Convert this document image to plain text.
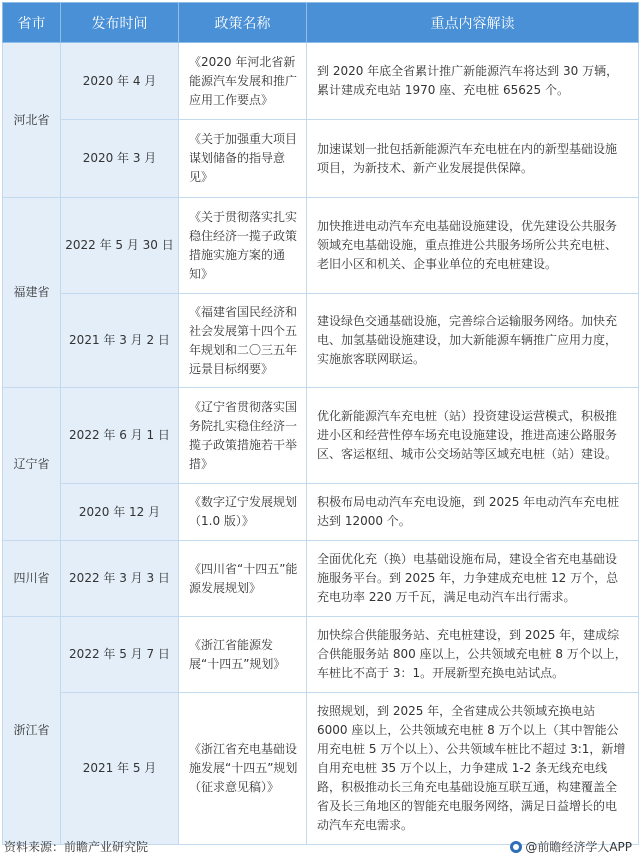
省市	发布时间	政策名称	重点内容解读
河北省	2020 年 4 月	《2020 年河北省新能源汽车发展和推广应用工作要点》	到 2020 年底全省累计推广新能源汽车将达到 30 万辆，累计建成充电站 1970 座、充电桩 65625 个。
	2020 年 3 月	《关于加强重大项目谋划储备的指导意见》	加速谋划一批包括新能源汽车充电桩在内的新型基础设施项目，为新技术、新产业发展提供保障。
福建省	2022 年 5 月 30 日	《关于贯彻落实扎实稳住经济一揽子政策措施实施方案的通知》	加快推进电动汽车充电基础设施建设，优先建设公共服务领域充电基础设施，重点推进公共服务场所公共充电桩、老旧小区和机关、企事业单位的充电桩建设。
	2021 年 3 月 2 日	《福建省国民经济和社会发展第十四个五年规划和二〇三五年远景目标纲要》	建设绿色交通基础设施，完善综合运输服务网络。加快充电、加氢基础设施建设，加大新能源车辆推广应用力度，实施旅客联网联运。
辽宁省	2022 年 6 月 1 日	《辽宁省贯彻落实国务院扎实稳住经济一揽子政策措施若干举措》	优化新能源汽车充电桩（站）投资建设运营模式，积极推进小区和经营性停车场充电设施建设，推进高速公路服务区、客运枢纽、城市公交场站等区域充电桩（站）建设。
	2020 年 12 月	《数字辽宁发展规划（1.0 版）》	积极布局电动汽车充电设施，到 2025 年电动汽车充电桩达到 12000 个。
四川省	2022 年 3 月 3 日	《四川省“十四五”能源发展规划》	全面优化充（换）电基础设施布局，建设全省充电基础设施服务平台。到 2025 年，力争建成充电桩 12 万个，总充电功率 220 万千瓦，满足电动汽车出行需求。
浙江省	2022 年 5 月 7 日	《浙江省能源发展“十四五”规划》	加快综合供能服务站、充电桩建设，到 2025 年，建成综合供能服务站 800 座以上，公共领域充电桩 8 万个以上，车桩比不高于 3：1。开展新型充换电站试点。
	2021 年 5 月	《浙江省充电基础设施发展“十四五”规划（征求意见稿）》	按照规划，到 2025 年，全省建成公共领域充换电站 6000 座以上，公共领域充电桩 8 万个以上（其中智能公用充电桩 5 万个以上）、公共领域车桩比不超过 3:1，新增自用充电桩 35 万个以上，力争建成 1-2 条无线充电线路，积极推动长三角充电基础设施互联互通，构建覆盖全省及长三角地区的智能充电服务网络，满足日益增长的电动汽车充电需求。
资料来源：前瞻产业研究院	@前瞻经济学人APP
